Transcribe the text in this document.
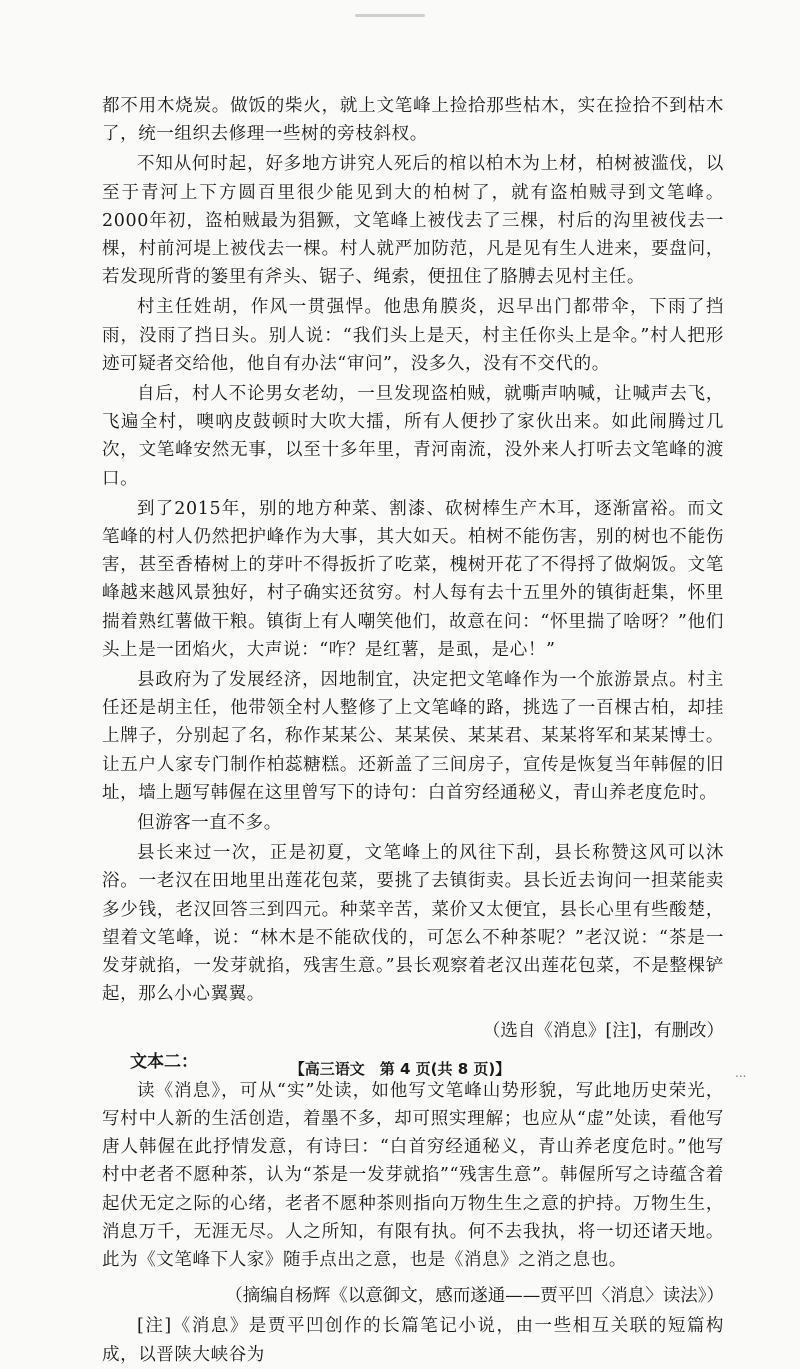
都不用木烧炭。做饭的柴火，就上文笔峰上捡拾那些枯木，实在捡拾不到枯木了，统一组织去修理一些树的旁枝斜杈。

不知从何时起，好多地方讲究人死后的棺以柏木为上材，柏树被滥伐，以至于青河上下方圆百里很少能见到大的柏树了，就有盗柏贼寻到文笔峰。2000年初，盗柏贼最为猖獗，文笔峰上被伐去了三棵，村后的沟里被伐去一棵，村前河堤上被伐去一棵。村人就严加防范，凡是见有生人进来，要盘问，若发现所背的篓里有斧头、锯子、绳索，便扭住了胳膊去见村主任。

村主任姓胡，作风一贯强悍。他患角膜炎，迟早出门都带伞，下雨了挡雨，没雨了挡日头。别人说：“我们头上是天，村主任你头上是伞。”村人把形迹可疑者交给他，他自有办法“审问”，没多久，没有不交代的。

自后，村人不论男女老幼，一旦发现盗柏贼，就嘶声呐喊，让喊声去飞，飞遍全村，噢吶皮鼓顿时大吹大擂，所有人便抄了家伙出来。如此闹腾过几次，文笔峰安然无事，以至十多年里，青河南流，没外来人打听去文笔峰的渡口。

到了2015年，别的地方种菜、割漆、砍树棒生产木耳，逐渐富裕。而文笔峰的村人仍然把护峰作为大事，其大如天。柏树不能伤害，别的树也不能伤害，甚至香椿树上的芽叶不得扳折了吃菜，槐树开花了不得捋了做焖饭。文笔峰越来越风景独好，村子确实还贫穷。村人每有去十五里外的镇街赶集，怀里揣着熟红薯做干粮。镇街上有人嘲笑他们，故意在问：“怀里揣了啥呀？”他们头上是一团焰火，大声说：“咋？是红薯，是虱，是心！”

县政府为了发展经济，因地制宜，决定把文笔峰作为一个旅游景点。村主任还是胡主任，他带领全村人整修了上文笔峰的路，挑选了一百棵古柏，却挂上牌子，分别起了名，称作某某公、某某侯、某某君、某某将军和某某博士。让五户人家专门制作柏蕊糖糕。还新盖了三间房子，宣传是恢复当年韩偓的旧址，墙上题写韩偓在这里曾写下的诗句：白首穷经通秘义，青山养老度危时。

但游客一直不多。

县长来过一次，正是初夏，文笔峰上的风往下刮，县长称赞这风可以沐浴。一老汉在田地里出莲花包菜，要挑了去镇街卖。县长近去询问一担菜能卖多少钱，老汉回答三到四元。种菜辛苦，菜价又太便宜，县长心里有些酸楚，望着文笔峰，说：“林木是不能砍伐的，可怎么不种茶呢？”老汉说：“茶是一发芽就掐，一发芽就掐，残害生意。”县长观察着老汉出莲花包菜，不是整棵铲起，那么小心翼翼。

（选自《消息》[注]，有删改）
文本二：

读《消息》，可从“实”处读，如他写文笔峰山势形貌，写此地历史荣光，写村中人新的生活创造，着墨不多，却可照实理解；也应从“虚”处读，看他写唐人韩偓在此抒情发意，有诗曰：“白首穷经通秘义，青山养老度危时。”他写村中老者不愿种茶，认为“茶是一发芽就掐”“残害生意”。韩偓所写之诗蕴含着起伏无定之际的心绪，老者不愿种茶则指向万物生生之意的护持。万物生生，消息万千，无涯无尽。人之所知，有限有执。何不去我执，将一切还诸天地。此为《文笔峰下人家》随手点出之意，也是《消息》之消之息也。

（摘编自杨辉《以意御文，感而遂通——贾平凹〈消息〉读法》）

[注]《消息》是贾平凹创作的长篇笔记小说，由一些相互关联的短篇构成，以晋陕大峡谷为

【高三语文　第 4 页(共 8 页)】	...
